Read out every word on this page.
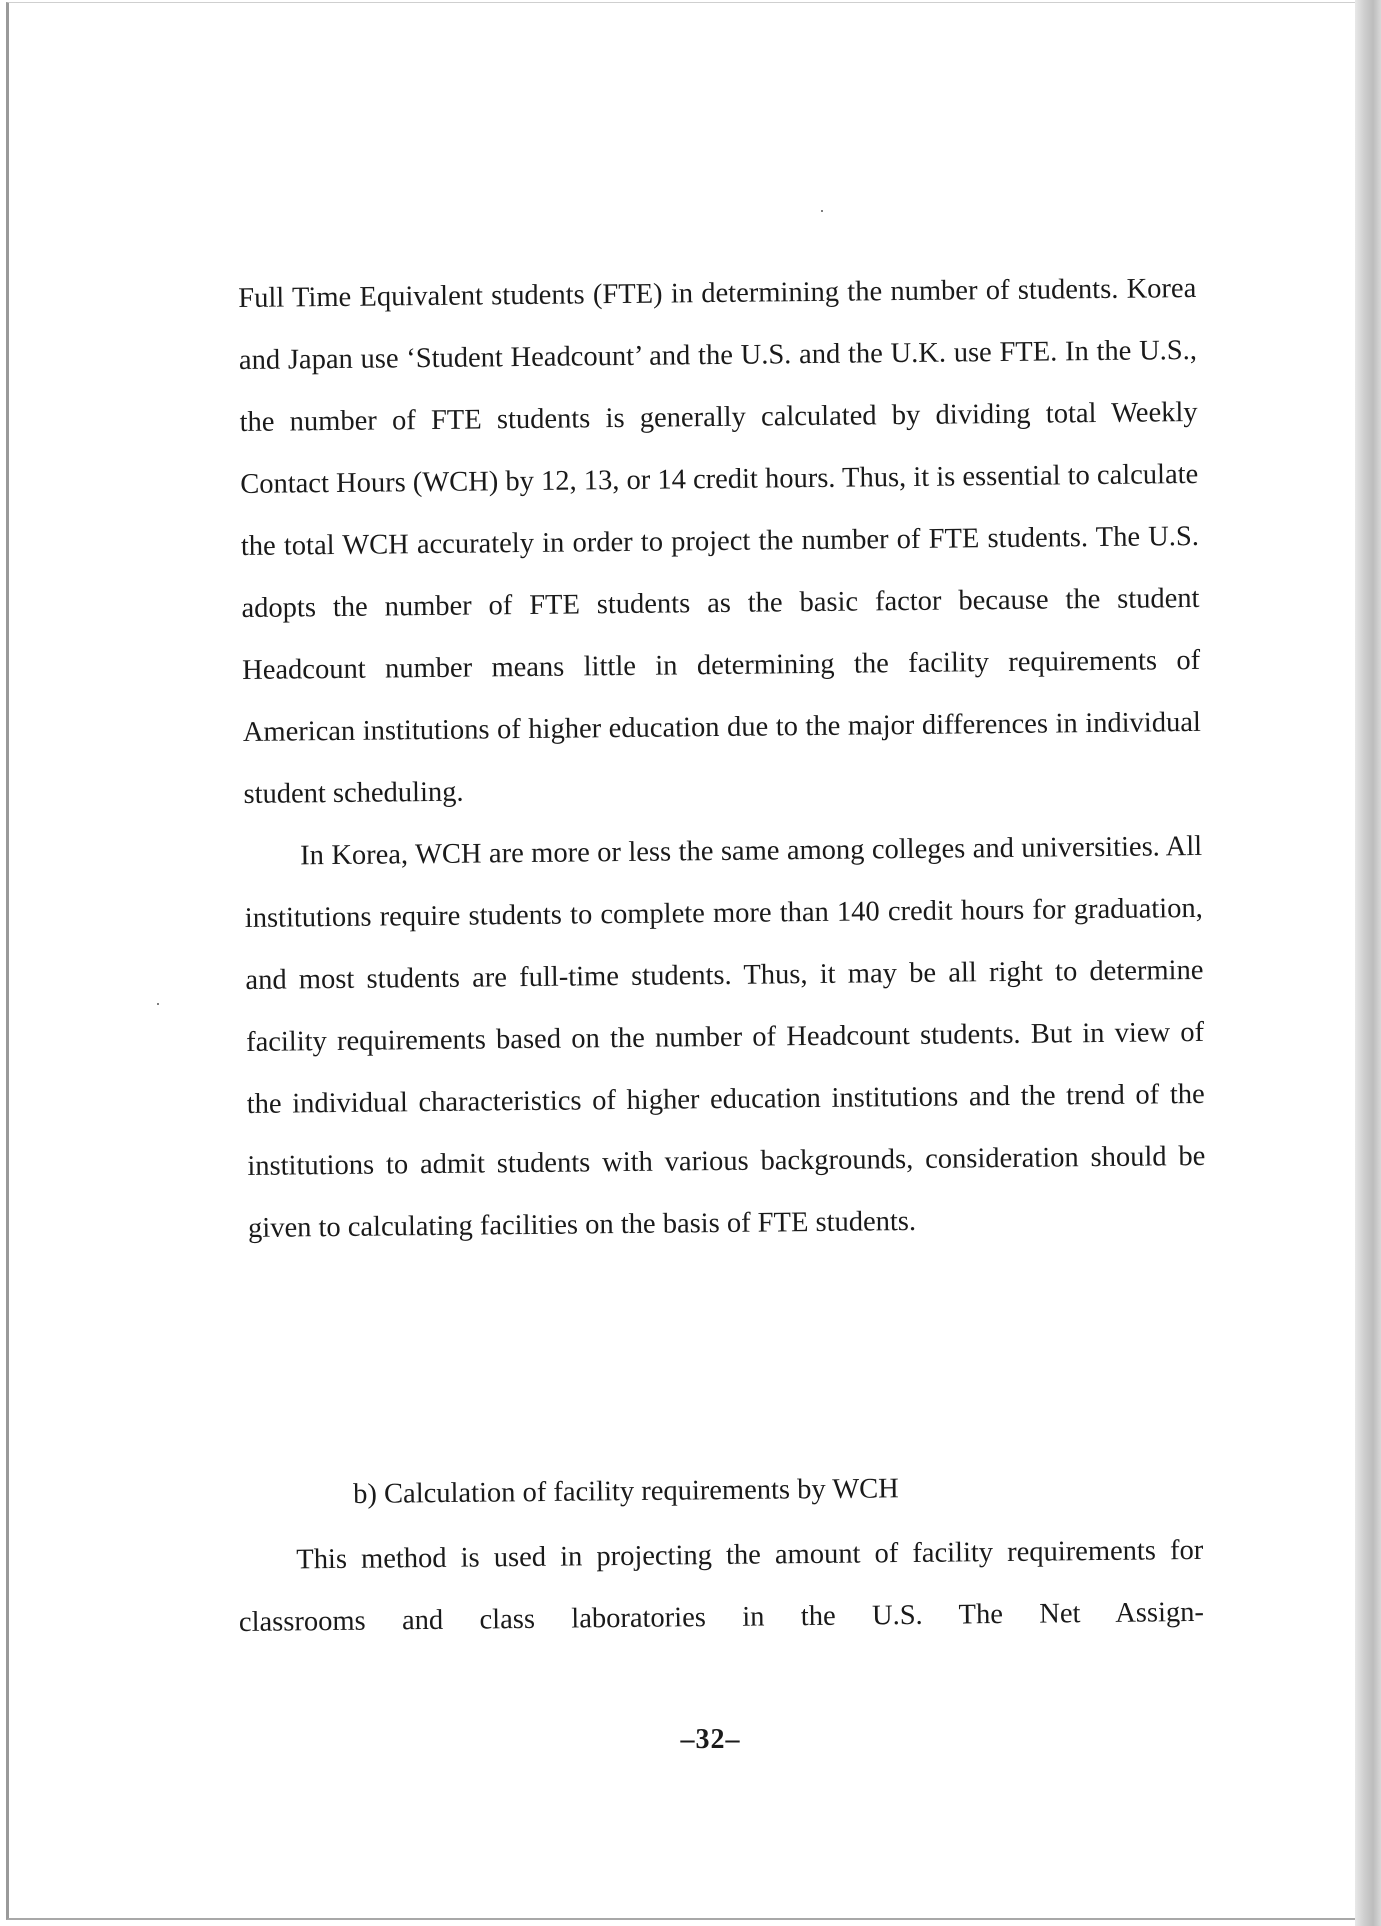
Full Time Equivalent students (FTE) in determining the number of students. Korea and Japan use ‘Student Headcount’ and the U.S. and the U.K. use FTE. In the U.S., the number of FTE students is generally calculated by dividing total Weekly Contact Hours (WCH) by 12, 13, or 14 credit hours. Thus, it is essential to calculate the total WCH accurately in order to project the number of FTE students. The U.S. adopts the number of FTE students as the basic factor because the student Headcount number means little in determining the facility requirements of American institutions of higher education due to the major differences in individual student scheduling.

In Korea, WCH are more or less the same among colleges and universities. All institutions require students to complete more than 140 credit hours for graduation, and most students are full-time students. Thus, it may be all right to determine facility requirements based on the number of Headcount students. But in view of the individual characteristics of higher education institutions and the trend of the institutions to admit students with various backgrounds, consideration should be given to calculating facilities on the basis of FTE students.

b) Calculation of facility requirements by WCH

This method is used in projecting the amount of facility requirements for classrooms and class laboratories in the U.S. The Net Assign-

–32–
